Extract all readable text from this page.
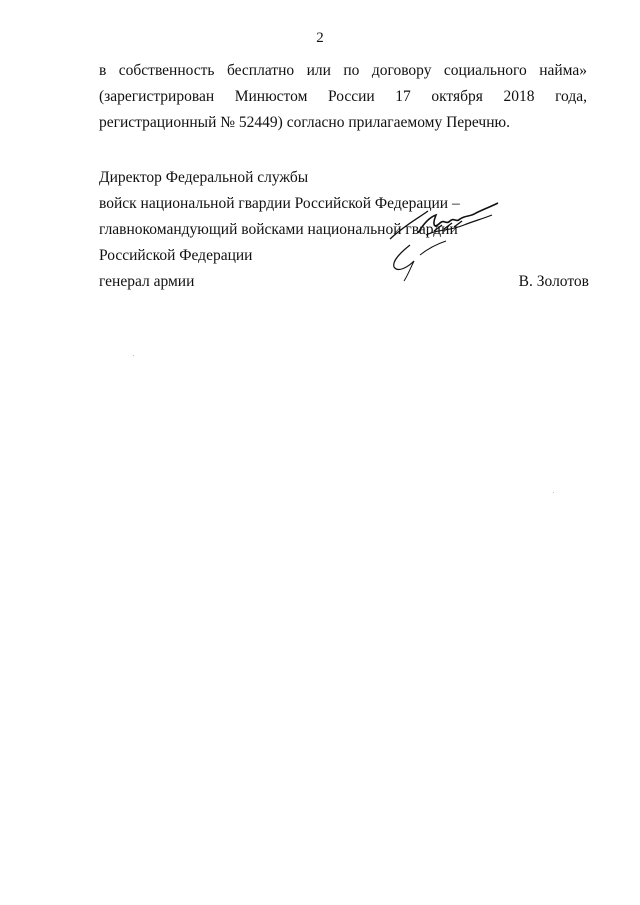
2
в собственность бесплатно или по договору социального найма»
(зарегистрирован Минюстом России 17 октября 2018 года,
регистрационный № 52449) согласно прилагаемому Перечню.
Директор Федеральной службы
войск национальной гвардии Российской Федерации –
главнокомандующий войсками национальной гвардии
Российской Федерации
генерал армии	В. Золотов
